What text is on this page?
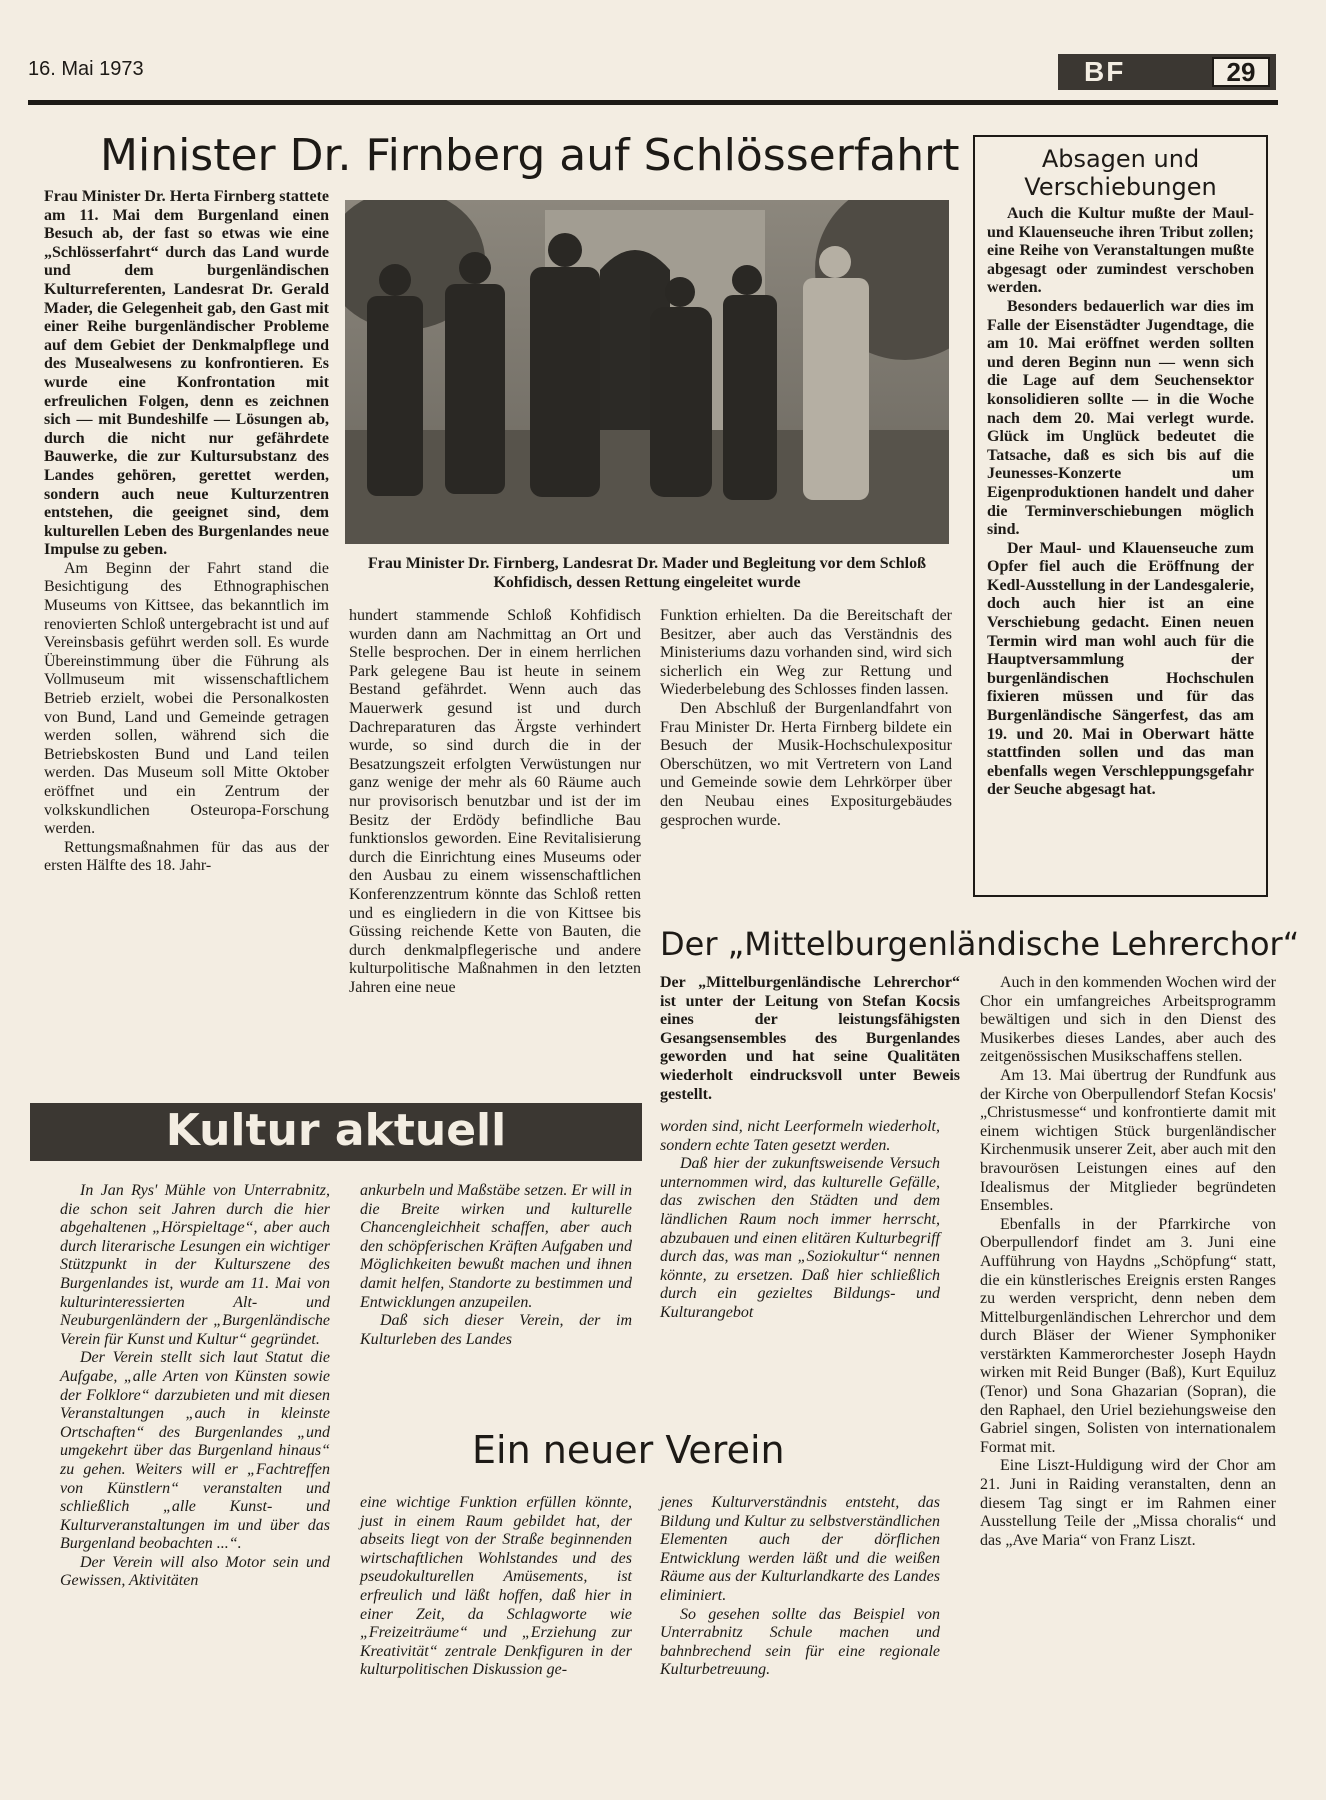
16. Mai 1973	BF	29
Minister Dr. Firnberg auf Schlösserfahrt

Frau Minister Dr. Herta Firnberg stattete am 11. Mai dem Burgenland einen Besuch ab, der fast so etwas wie eine „Schlösserfahrt“ durch das Land wurde und dem burgenländischen Kulturreferenten, Landesrat Dr. Gerald Mader, die Gelegenheit gab, den Gast mit einer Reihe burgenländischer Probleme auf dem Gebiet der Denkmalpflege und des Musealwesens zu konfrontieren. Es wurde eine Konfrontation mit erfreulichen Folgen, denn es zeichnen sich — mit Bundeshilfe — Lösungen ab, durch die nicht nur gefährdete Bauwerke, die zur Kultursubstanz des Landes gehören, gerettet werden, sondern auch neue Kulturzentren entstehen, die geeignet sind, dem kulturellen Leben des Burgenlandes neue Impulse zu geben.

Am Beginn der Fahrt stand die Besichtigung des Ethnographischen Museums von Kittsee, das bekanntlich im renovierten Schloß untergebracht ist und auf Vereinsbasis geführt werden soll. Es wurde Übereinstimmung über die Führung als Vollmuseum mit wissenschaftlichem Betrieb erzielt, wobei die Personalkosten von Bund, Land und Gemeinde getragen werden sollen, während sich die Betriebskosten Bund und Land teilen werden. Das Museum soll Mitte Oktober eröffnet und ein Zentrum der volkskundlichen Osteuropa-Forschung werden.

Rettungsmaßnahmen für das aus der ersten Hälfte des 18. Jahr-

Frau Minister Dr. Firnberg, Landesrat Dr. Mader und Begleitung vor dem Schloß Kohfidisch, dessen Rettung eingeleitet wurde

hundert stammende Schloß Kohfidisch wurden dann am Nachmittag an Ort und Stelle besprochen. Der in einem herrlichen Park gelegene Bau ist heute in seinem Bestand gefährdet. Wenn auch das Mauerwerk gesund ist und durch Dachreparaturen das Ärgste verhindert wurde, so sind durch die in der Besatzungszeit erfolgten Verwüstungen nur ganz wenige der mehr als 60 Räume auch nur provisorisch benutzbar und ist der im Besitz der Erdödy befindliche Bau funktionslos geworden. Eine Revitalisierung durch die Einrichtung eines Museums oder den Ausbau zu einem wissenschaftlichen Konferenzzentrum könnte das Schloß retten und es eingliedern in die von Kittsee bis Güssing reichende Kette von Bauten, die durch denkmalpflegerische und andere kulturpolitische Maßnahmen in den letzten Jahren eine neue

Funktion erhielten. Da die Bereitschaft der Besitzer, aber auch das Verständnis des Ministeriums dazu vorhanden sind, wird sich sicherlich ein Weg zur Rettung und Wiederbelebung des Schlosses finden lassen.

Den Abschluß der Burgenlandfahrt von Frau Minister Dr. Herta Firnberg bildete ein Besuch der Musik-Hochschulexpositur Oberschützen, wo mit Vertretern von Land und Gemeinde sowie dem Lehrkörper über den Neubau eines Expositurgebäudes gesprochen wurde.

Absagen und
Verschiebungen

Auch die Kultur mußte der Maul- und Klauenseuche ihren Tribut zollen; eine Reihe von Veranstaltungen mußte abgesagt oder zumindest verschoben werden.

Besonders bedauerlich war dies im Falle der Eisenstädter Jugendtage, die am 10. Mai eröffnet werden sollten und deren Beginn nun — wenn sich die Lage auf dem Seuchensektor konsolidieren sollte — in die Woche nach dem 20. Mai verlegt wurde. Glück im Unglück bedeutet die Tatsache, daß es sich bis auf die Jeunesses-Konzerte um Eigenproduktionen handelt und daher die Terminverschiebungen möglich sind.

Der Maul- und Klauenseuche zum Opfer fiel auch die Eröffnung der Kedl-Ausstellung in der Landesgalerie, doch auch hier ist an eine Verschiebung gedacht. Einen neuen Termin wird man wohl auch für die Hauptversammlung der burgenländischen Hochschulen fixieren müssen und für das Burgenländische Sängerfest, das am 19. und 20. Mai in Oberwart hätte stattfinden sollen und das man ebenfalls wegen Verschleppungsgefahr der Seuche abgesagt hat.

Der „Mittelburgenländische Lehrerchor“

Der „Mittelburgenländische Lehrerchor“ ist unter der Leitung von Stefan Kocsis eines der leistungsfähigsten Gesangsensembles des Burgenlandes geworden und hat seine Qualitäten wiederholt eindrucksvoll unter Beweis gestellt.

Auch in den kommenden Wochen wird der Chor ein umfangreiches Arbeitsprogramm bewältigen und sich in den Dienst des Musikerbes dieses Landes, aber auch des zeitgenössischen Musikschaffens stellen.

Am 13. Mai übertrug der Rundfunk aus der Kirche von Oberpullendorf Stefan Kocsis' „Christusmesse“ und konfrontierte damit mit einem wichtigen Stück burgenländischer Kirchenmusik unserer Zeit, aber auch mit den bravourösen Leistungen eines auf den Idealismus der Mitglieder begründeten Ensembles.

Ebenfalls in der Pfarrkirche von Oberpullendorf findet am 3. Juni eine Aufführung von Haydns „Schöpfung“ statt, die ein künstlerisches Ereignis ersten Ranges zu werden verspricht, denn neben dem Mittelburgenländischen Lehrerchor und dem durch Bläser der Wiener Symphoniker verstärkten Kammerorchester Joseph Haydn wirken mit Reid Bunger (Baß), Kurt Equiluz (Tenor) und Sona Ghazarian (Sopran), die den Raphael, den Uriel beziehungsweise den Gabriel singen, Solisten von internationalem Format mit.

Eine Liszt-Huldigung wird der Chor am 21. Juni in Raiding veranstalten, denn an diesem Tag singt er im Rahmen einer Ausstellung Teile der „Missa choralis“ und das „Ave Maria“ von Franz Liszt.

Kultur aktuell

In Jan Rys' Mühle von Unterrabnitz, die schon seit Jahren durch die hier abgehaltenen „Hörspieltage“, aber auch durch literarische Lesungen ein wichtiger Stützpunkt in der Kulturszene des Burgenlandes ist, wurde am 11. Mai von kulturinteressierten Alt- und Neuburgenländern der „Burgenländische Verein für Kunst und Kultur“ gegründet.

Der Verein stellt sich laut Statut die Aufgabe, „alle Arten von Künsten sowie der Folklore“ darzubieten und mit diesen Veranstaltungen „auch in kleinste Ortschaften“ des Burgenlandes „und umgekehrt über das Burgenland hinaus“ zu gehen. Weiters will er „Fachtreffen von Künstlern“ veranstalten und schließlich „alle Kunst- und Kulturveranstaltungen im und über das Burgenland beobachten ...“.

Der Verein will also Motor sein und Gewissen, Aktivitäten

ankurbeln und Maßstäbe setzen. Er will in die Breite wirken und kulturelle Chancengleichheit schaffen, aber auch den schöpferischen Kräften Aufgaben und Möglichkeiten bewußt machen und ihnen damit helfen, Standorte zu bestimmen und Entwicklungen anzupeilen.

Daß sich dieser Verein, der im Kulturleben des Landes

worden sind, nicht Leerformeln wiederholt, sondern echte Taten gesetzt werden.

Daß hier der zukunftsweisende Versuch unternommen wird, das kulturelle Gefälle, das zwischen den Städten und dem ländlichen Raum noch immer herrscht, abzubauen und einen elitären Kulturbegriff durch das, was man „Soziokultur“ nennen könnte, zu ersetzen. Daß hier schließlich durch ein gezieltes Bildungs- und Kulturangebot

Ein neuer Verein

eine wichtige Funktion erfüllen könnte, just in einem Raum gebildet hat, der abseits liegt von der Straße beginnenden wirtschaftlichen Wohlstandes und des pseudokulturellen Amüsements, ist erfreulich und läßt hoffen, daß hier in einer Zeit, da Schlagworte wie „Freizeiträume“ und „Erziehung zur Kreativität“ zentrale Denkfiguren in der kulturpolitischen Diskussion ge-

jenes Kulturverständnis entsteht, das Bildung und Kultur zu selbstverständlichen Elementen auch der dörflichen Entwicklung werden läßt und die weißen Räume aus der Kulturlandkarte des Landes eliminiert.

So gesehen sollte das Beispiel von Unterrabnitz Schule machen und bahnbrechend sein für eine regionale Kulturbetreuung.
